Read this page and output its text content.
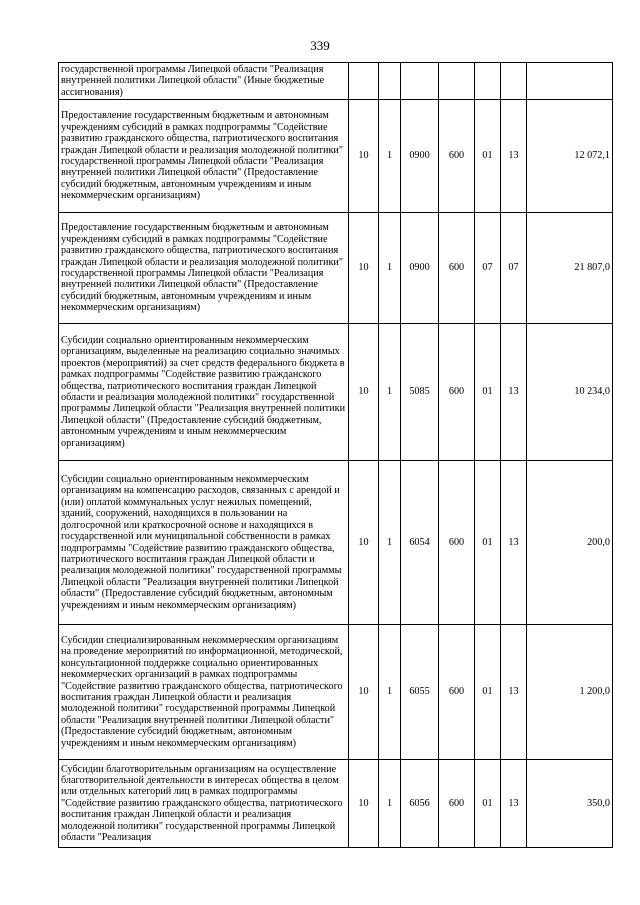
339
государственной программы Липецкой области "Реализация внутренней политики Липецкой области" (Иные бюджетные ассигнования)							
Предоставление государственным бюджетным и автономным учреждениям субсидий в рамках подпрограммы "Содействие развитию гражданского общества, патриотического воспитания граждан Липецкой области и реализация молодежной политики" государственной программы Липецкой области "Реализация внутренней политики Липецкой области" (Предоставление субсидий бюджетным, автономным учреждениям и иным некоммерческим организациям)	10	1	0900	600	01	13	12 072,1
Предоставление государственным бюджетным и автономным учреждениям субсидий в рамках подпрограммы "Содействие развитию гражданского общества, патриотического воспитания граждан Липецкой области и реализация молодежной политики" государственной программы Липецкой области "Реализация внутренней политики Липецкой области" (Предоставление субсидий бюджетным, автономным учреждениям и иным некоммерческим организациям)	10	1	0900	600	07	07	21 807,0
Субсидии социально ориентированным некоммерческим организациям, выделенные на реализацию социально значимых проектов (мероприятий) за счет средств федерального бюджета в рамках подпрограммы "Содействие развитию гражданского общества, патриотического воспитания граждан Липецкой области и реализация молодежной политики" государственной программы Липецкой области "Реализация внутренней политики Липецкой области" (Предоставление субсидий бюджетным, автономным учреждениям и иным некоммерческим организациям)	10	1	5085	600	01	13	10 234,0
Субсидии социально ориентированным некоммерческим организациям на компенсацию расходов, связанных с арендой и (или) оплатой коммунальных услуг нежилых помещений, зданий, сооружений, находящихся в пользовании на долгосрочной или краткосрочной основе и находящихся в государственной или муниципальной собственности в рамках подпрограммы "Содействие развитию гражданского общества, патриотического воспитания граждан Липецкой области и реализация молодежной политики" государственной программы Липецкой области "Реализация внутренней политики Липецкой области" (Предоставление субсидий бюджетным, автономным учреждениям и иным некоммерческим организациям)	10	1	6054	600	01	13	200,0
Субсидии специализированным некоммерческим организациям на проведение мероприятий по информационной, методической, консультационной поддержке социально ориентированных некоммерческих организаций в рамках подпрограммы "Содействие развитию гражданского общества, патриотического воспитания граждан Липецкой области и реализация молодежной политики" государственной программы Липецкой области "Реализация внутренней политики Липецкой области" (Предоставление субсидий бюджетным, автономным учреждениям и иным некоммерческим организациям)	10	1	6055	600	01	13	1 200,0
Субсидии благотворительным организациям на осуществление благотворительной деятельности в интересах общества в целом или отдельных категорий лиц в рамках подпрограммы "Содействие развитию гражданского общества, патриотического воспитания граждан Липецкой области и реализация молодежной политики" государственной программы Липецкой области "Реализация	10	1	6056	600	01	13	350,0
